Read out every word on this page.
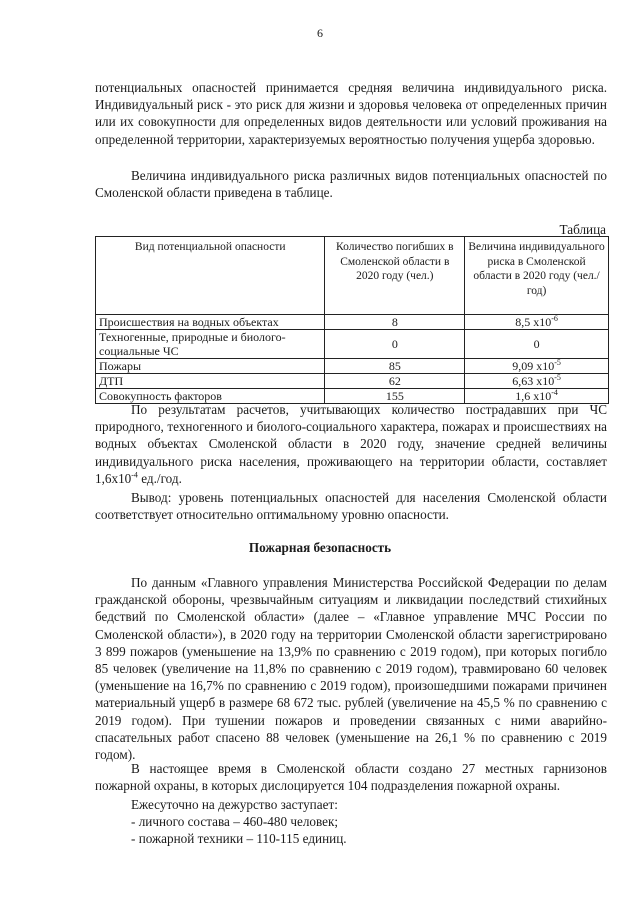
6

потенциальных опасностей принимается средняя величина индивидуального риска. Индивидуальный риск - это риск для жизни и здоровья человека от определенных причин или их совокупности для определенных видов деятельности или условий проживания на определенной территории, характеризуемых вероятностью получения ущерба здоровью.

Величина индивидуального риска различных видов потенциальных опасностей по Смоленской области приведена в таблице.

Таблица
Вид потенциальной опасности	Количество погибших в Смоленской области в 2020 году (чел.)	Величина индивидуального риска в Смоленской области в 2020 году (чел./год)
Происшествия на водных объектах	8	8,5 $x10^{-6}$
Техногенные, природные и биолого-социальные ЧС	0	0
Пожары	85	9,09 $x10^{-5}$
ДТП	62	6,63 $x10^{-5}$
Совокупность факторов	155	1,6 $x10^{-4}$

По результатам расчетов, учитывающих количество пострадавших при ЧС природного, техногенного и биолого-социального характера, пожарах и происшествиях на водных объектах Смоленской области в 2020 году, значение средней величины индивидуального риска населения, проживающего на территории области, составляет $1,6х10^{-4}$ ед./год.

Вывод: уровень потенциальных опасностей для населения Смоленской области соответствует относительно оптимальному уровню опасности.

Пожарная безопасность

По данным «Главного управления Министерства Российской Федерации по делам гражданской обороны, чрезвычайным ситуациям и ликвидации последствий стихийных бедствий по Смоленской области» (далее – «Главное управление МЧС России по Смоленской области»), в 2020 году на территории Смоленской области зарегистрировано 3 899 пожаров (уменьшение на 13,9% по сравнению с 2019 годом), при которых погибло 85 человек (увеличение на 11,8% по сравнению с 2019 годом), травмировано 60 человек (уменьшение на 16,7% по сравнению с 2019 годом), произошедшими пожарами причинен материальный ущерб в размере 68 672 тыс. рублей (увеличение на 45,5 % по сравнению с 2019 годом). При тушении пожаров и проведении связанных с ними аварийно-спасательных работ спасено 88 человек (уменьшение на 26,1 % по сравнению с 2019 годом).

В настоящее время в Смоленской области создано 27 местных гарнизонов пожарной охраны, в которых дислоцируется 104 подразделения пожарной охраны.

Ежесуточно на дежурство заступает:

- личного состава – 460-480 человек;

- пожарной техники – 110-115 единиц.
